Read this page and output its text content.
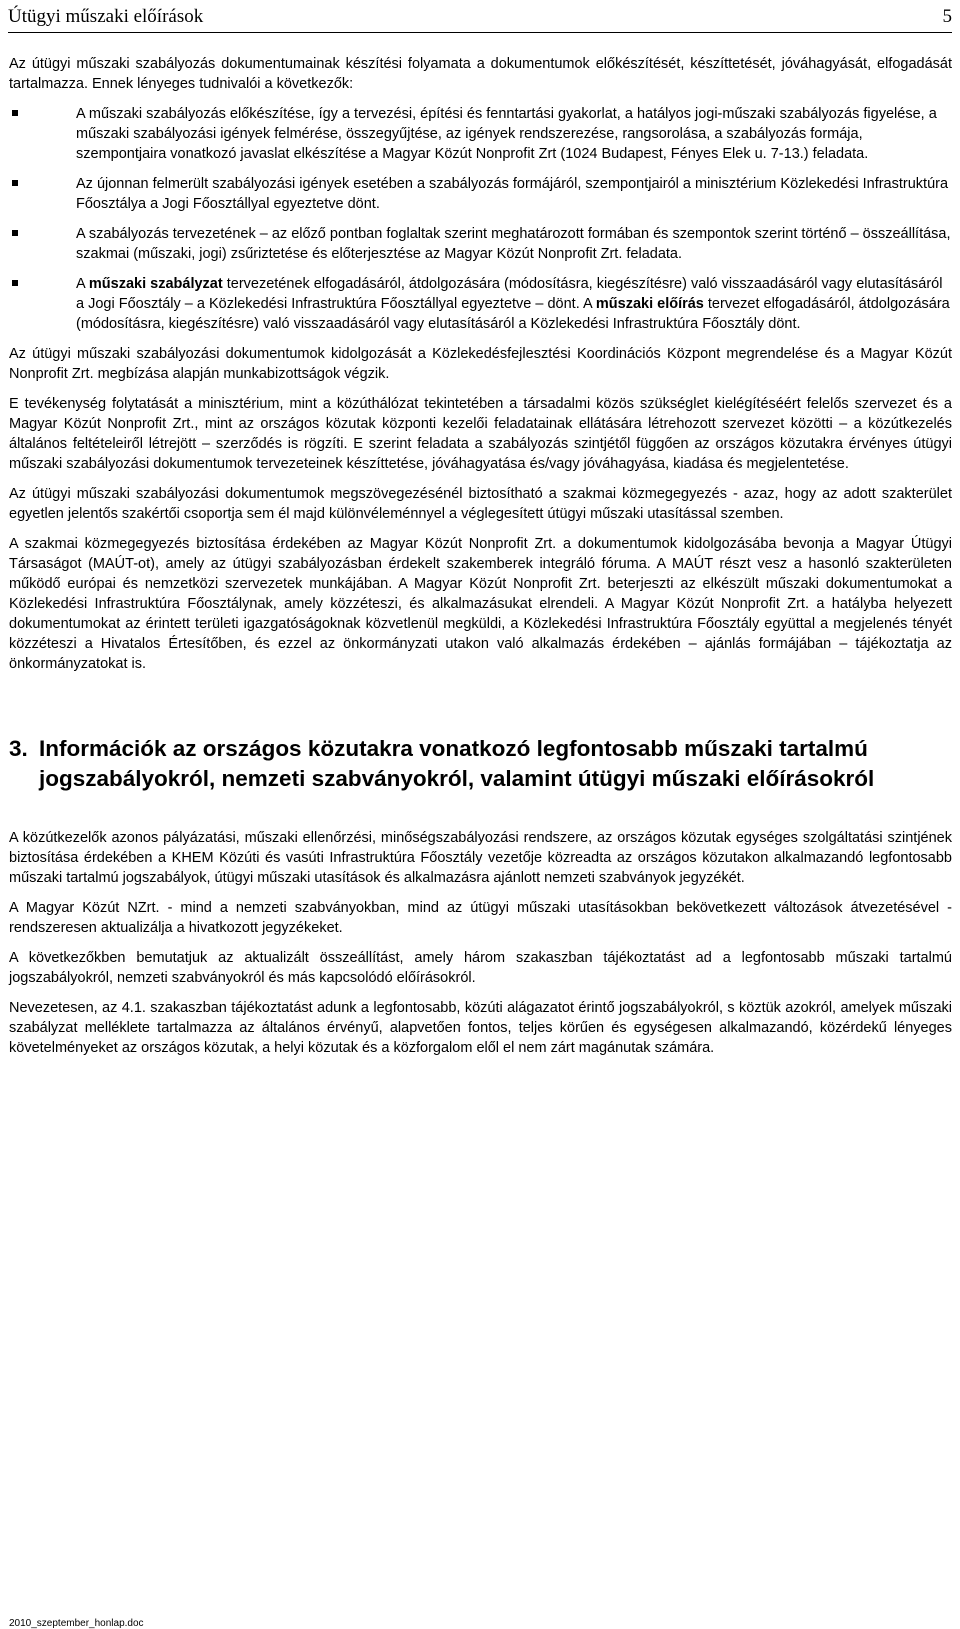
Útügyi műszaki előírások	5

Az útügyi műszaki szabályozás dokumentumainak készítési folyamata a dokumentumok előkészítését, készíttetését, jóváhagyását, elfogadását tartalmazza. Ennek lényeges tudnivalói a következők:

A műszaki szabályozás előkészítése, így a tervezési, építési és fenntartási gyakorlat, a hatályos jogi-műszaki szabályozás figyelése, a műszaki szabályozási igények felmérése, összegyűjtése, az igények rendszerezése, rangsorolása, a szabályozás formája, szempontjaira vonatkozó javaslat elkészítése a Magyar Közút Nonprofit Zrt (1024 Budapest, Fényes Elek u. 7-13.) feladata.
Az újonnan felmerült szabályozási igények esetében a szabályozás formájáról, szempontjairól a minisztérium Közlekedési Infrastruktúra Főosztálya a Jogi Főosztállyal egyeztetve dönt.
A szabályozás tervezetének – az előző pontban foglaltak szerint meghatározott formában és szempontok szerint történő – összeállítása, szakmai (műszaki, jogi) zsűriztetése és előterjesztése az Magyar Közút Nonprofit Zrt. feladata.
A műszaki szabályzat tervezetének elfogadásáról, átdolgozására (módosításra, kiegészítésre) való visszaadásáról vagy elutasításáról a Jogi Főosztály – a Közlekedési Infrastruktúra Főosztállyal egyeztetve – dönt. A műszaki előírás tervezet elfogadásáról, átdolgozására (módosításra, kiegészítésre) való visszaadásáról vagy elutasításáról a Közlekedési Infrastruktúra Főosztály dönt.

Az útügyi műszaki szabályozási dokumentumok kidolgozását a Közlekedésfejlesztési Koordinációs Központ megrendelése és a Magyar Közút Nonprofit Zrt. megbízása alapján munkabizottságok végzik.

E tevékenység folytatását a minisztérium, mint a közúthálózat tekintetében a társadalmi közös szükséglet kielégítéséért felelős szervezet és a Magyar Közút Nonprofit Zrt., mint az országos közutak központi kezelői feladatainak ellátására létrehozott szervezet közötti – a közútkezelés általános feltételeiről létrejött – szerződés is rögzíti. E szerint feladata a szabályozás szintjétől függően az országos közutakra érvényes útügyi műszaki szabályozási dokumentumok tervezeteinek készíttetése, jóváhagyatása és/vagy jóváhagyása, kiadása és megjelentetése.

Az útügyi műszaki szabályozási dokumentumok megszövegezésénél biztosítható a szakmai közmegegyezés - azaz, hogy az adott szakterület egyetlen jelentős szakértői csoportja sem él majd különvéleménnyel a véglegesített útügyi műszaki utasítással szemben.

A szakmai közmegegyezés biztosítása érdekében az Magyar Közút Nonprofit Zrt. a dokumentumok kidolgozásába bevonja a Magyar Útügyi Társaságot (MAÚT-ot), amely az útügyi szabályozásban érdekelt szakemberek integráló fóruma. A MAÚT részt vesz a hasonló szakterületen működő európai és nemzetközi szervezetek munkájában. A Magyar Közút Nonprofit Zrt. beterjeszti az elkészült műszaki dokumentumokat a Közlekedési Infrastruktúra Főosztálynak, amely közzéteszi, és alkalmazásukat elrendeli. A Magyar Közút Nonprofit Zrt. a hatályba helyezett dokumentumokat az érintett területi igazgatóságoknak közvetlenül megküldi, a Közlekedési Infrastruktúra Főosztály együttal a megjelenés tényét közzéteszi a Hivatalos Értesítőben, és ezzel az önkormányzati utakon való alkalmazás érdekében – ajánlás formájában – tájékoztatja az önkormányzatokat is.

3. Információk az országos közutakra vonatkozó legfontosabb műszaki tartalmú jogszabályokról, nemzeti szabványokról, valamint útügyi műszaki előírásokról

A közútkezelők azonos pályázatási, műszaki ellenőrzési, minőségszabályozási rendszere, az országos közutak egységes szolgáltatási szintjének biztosítása érdekében a KHEM Közúti és vasúti Infrastruktúra Főosztály vezetője közreadta az országos közutakon alkalmazandó legfontosabb műszaki tartalmú jogszabályok, útügyi műszaki utasítások és alkalmazásra ajánlott nemzeti szabványok jegyzékét.

A Magyar Közút NZrt. - mind a nemzeti szabványokban, mind az útügyi műszaki utasításokban bekövetkezett változások átvezetésével - rendszeresen aktualizálja a hivatkozott jegyzékeket.

A következőkben bemutatjuk az aktualizált összeállítást, amely három szakaszban tájékoztatást ad a legfontosabb műszaki tartalmú jogszabályokról, nemzeti szabványokról és más kapcsolódó előírásokról.

Nevezetesen, az 4.1. szakaszban tájékoztatást adunk a legfontosabb, közúti alágazatot érintő jogszabályokról, s köztük azokról, amelyek műszaki szabályzat melléklete tartalmazza az általános érvényű, alapvetően fontos, teljes körűen és egységesen alkalmazandó, közérdekű lényeges követelményeket az országos közutak, a helyi közutak és a közforgalom elől el nem zárt magánutak számára.

2010_szeptember_honlap.doc
